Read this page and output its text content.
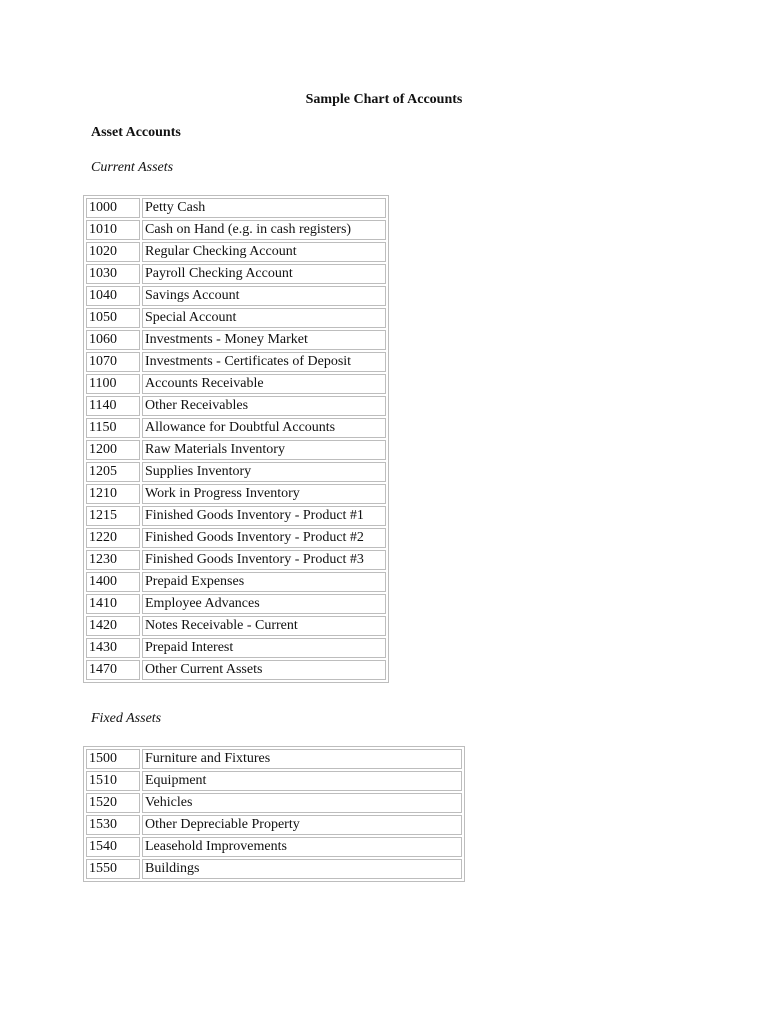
Sample Chart of Accounts
Asset Accounts
Current Assets
1000	Petty Cash
1010	Cash on Hand (e.g. in cash registers)
1020	Regular Checking Account
1030	Payroll Checking Account
1040	Savings Account
1050	Special Account
1060	Investments - Money Market
1070	Investments - Certificates of Deposit
1100	Accounts Receivable
1140	Other Receivables
1150	Allowance for Doubtful Accounts
1200	Raw Materials Inventory
1205	Supplies Inventory
1210	Work in Progress Inventory
1215	Finished Goods Inventory - Product #1
1220	Finished Goods Inventory - Product #2
1230	Finished Goods Inventory - Product #3
1400	Prepaid Expenses
1410	Employee Advances
1420	Notes Receivable - Current
1430	Prepaid Interest
1470	Other Current Assets
Fixed Assets
1500	Furniture and Fixtures
1510	Equipment
1520	Vehicles
1530	Other Depreciable Property
1540	Leasehold Improvements
1550	Buildings
